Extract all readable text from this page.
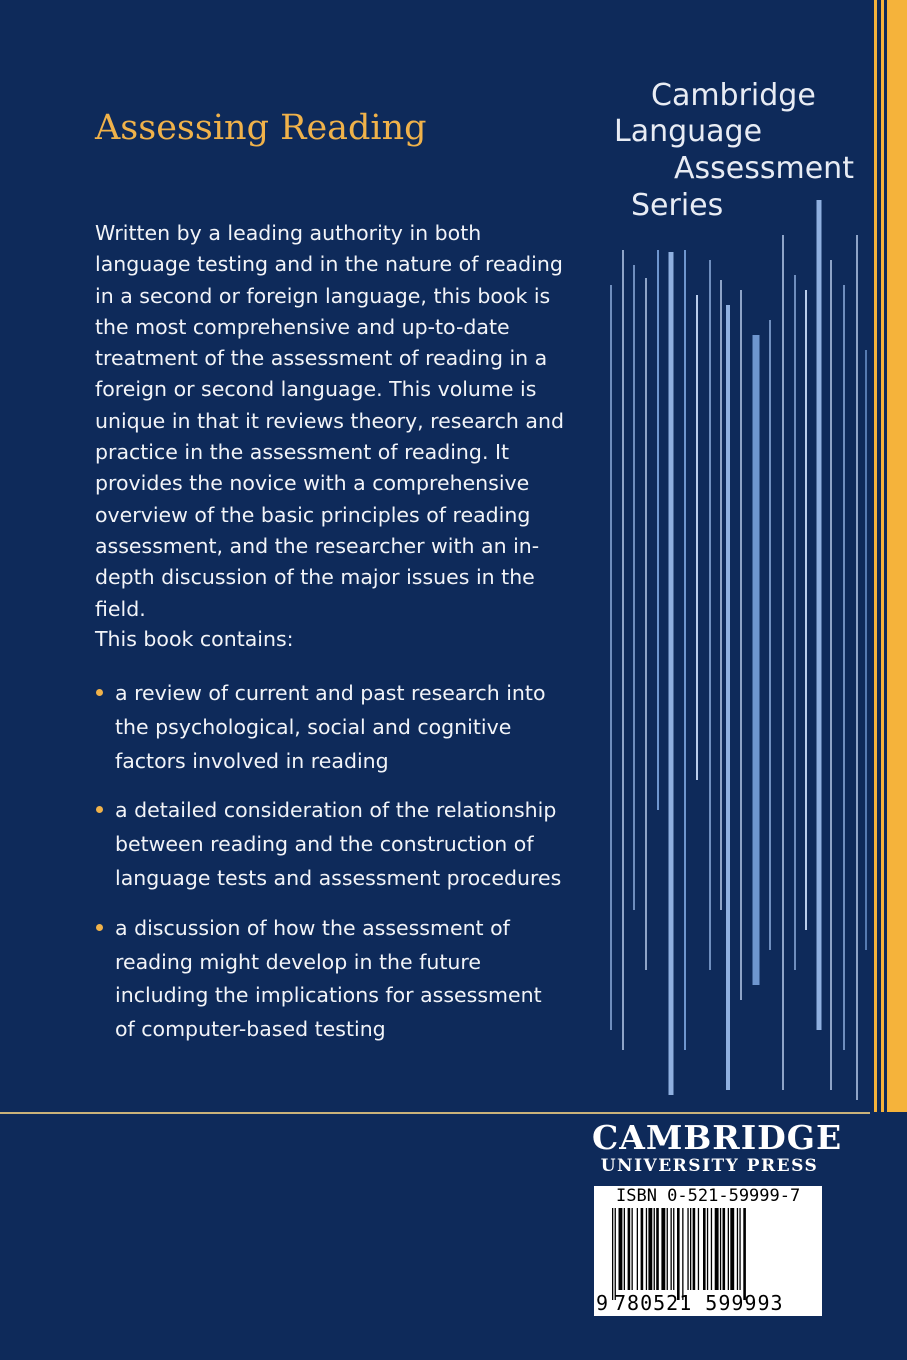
Assessing Reading
Cambridge
Language
Assessment
Series

Written by a leading authority in both language testing and in the nature of reading in a second or foreign language, this book is the most comprehensive and up-to-date treatment of the assessment of reading in a foreign or second language. This volume is unique in that it reviews theory, research and practice in the assessment of reading. It provides the novice with a comprehensive overview of the basic principles of reading assessment, and the researcher with an in-depth discussion of the major issues in the field.

This book contains:

a review of current and past research into the psychological, social and cognitive factors involved in reading
a detailed consideration of the relationship between reading and the construction of language tests and assessment procedures
a discussion of how the assessment of reading might develop in the future including the implications for assessment of computer-based testing
CAMBRIDGE
UNIVERSITY PRESS
ISBN 0-521-59999-7
9 780521 599993
